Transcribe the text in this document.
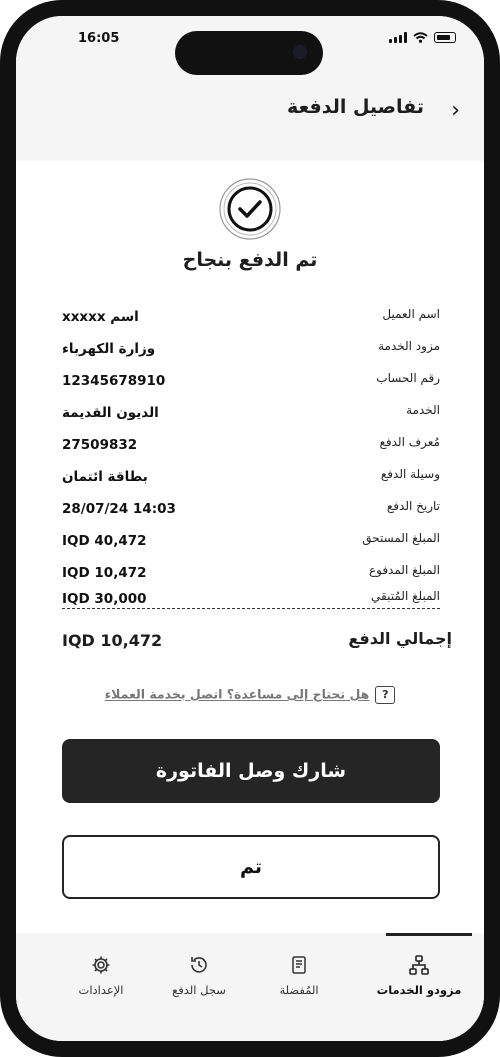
16:05
تفاصيل الدفعة ›
تم الدفع بنجاح
اسم العميل
اسم xxxxx
مزود الخدمة
وزارة الكهرباء
رقم الحساب
12345678910
الخدمة
الديون القديمة
مُعرف الدفع
27509832
وسيلة الدفع
بطاقة ائتمان
تاريخ الدفع
28/07/24 14:03
المبلغ المستحق
IQD 40,472
المبلغ المدفوع
IQD 10,472
المبلغ المُتبقي
IQD 30,000
إجمالي الدفع
IQD 10,472
?هل تحتاج إلى مساعدة؟ اتصل بخدمة العملاء
شارك وصل الفاتورة
تم
مزودو الخدمات
المُفضلة
سجل الدفع
الإعدادات
